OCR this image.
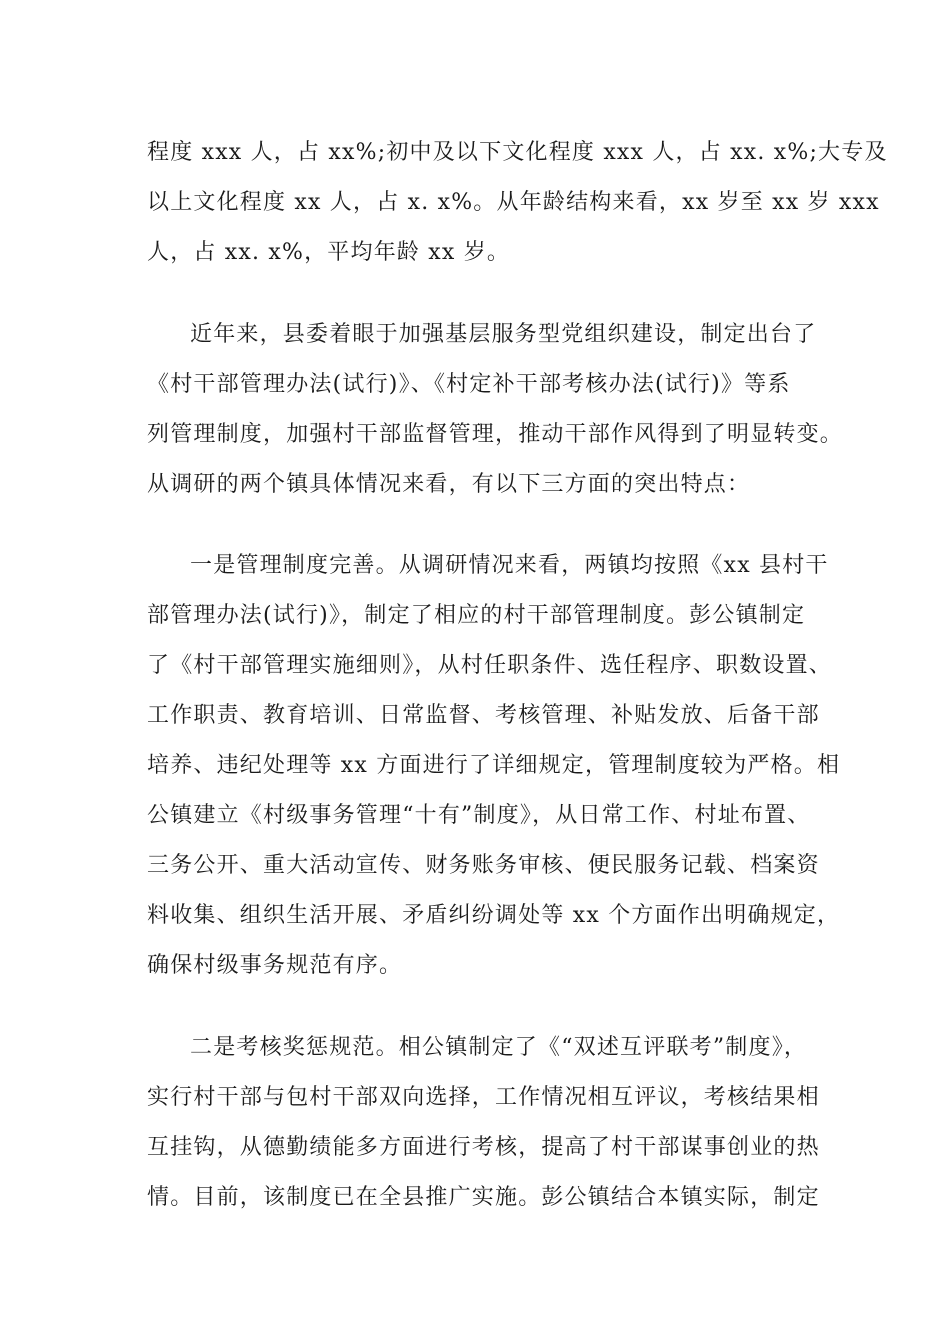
程度 xxx 人，占 xx%;初中及以下文化程度 xxx 人，占 xx. x%;大专及
以上文化程度 xx 人，占 x. x%。从年龄结构来看，xx 岁至 xx 岁 xxx
人，占 xx. x%，平均年龄 xx 岁。
近年来，县委着眼于加强基层服务型党组织建设，制定出台了
《村干部管理办法(试行)》、《村定补干部考核办法(试行)》等系
列管理制度，加强村干部监督管理，推动干部作风得到了明显转变。
从调研的两个镇具体情况来看，有以下三方面的突出特点：
一是管理制度完善。从调研情况来看，两镇均按照《xx 县村干
部管理办法(试行)》，制定了相应的村干部管理制度。彭公镇制定
了《村干部管理实施细则》，从村任职条件、选任程序、职数设置、
工作职责、教育培训、日常监督、考核管理、补贴发放、后备干部
培养、违纪处理等 xx 方面进行了详细规定，管理制度较为严格。相
公镇建立《村级事务管理“十有”制度》，从日常工作、村址布置、
三务公开、重大活动宣传、财务账务审核、便民服务记载、档案资
料收集、组织生活开展、矛盾纠纷调处等 xx 个方面作出明确规定，
确保村级事务规范有序。
二是考核奖惩规范。相公镇制定了《“双述互评联考”制度》，
实行村干部与包村干部双向选择，工作情况相互评议，考核结果相
互挂钩，从德勤绩能多方面进行考核，提高了村干部谋事创业的热
情。目前，该制度已在全县推广实施。彭公镇结合本镇实际，制定
